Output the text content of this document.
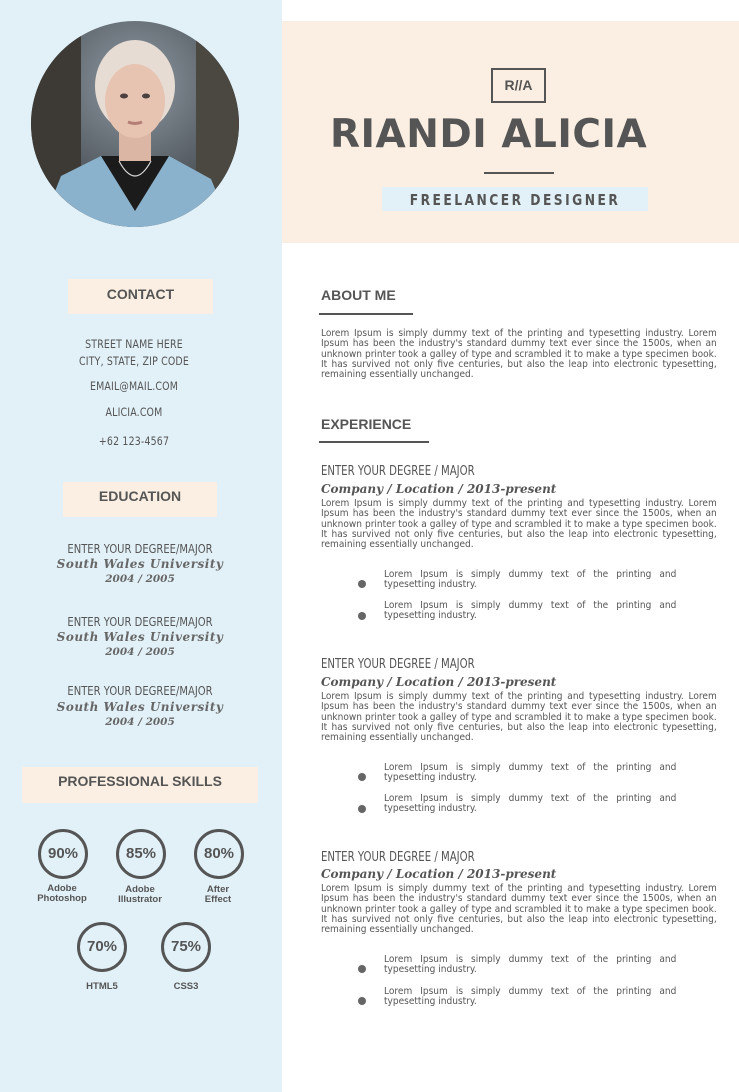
CONTACT
STREET NAME HERE
CITY, STATE, ZIP CODE
EMAIL@MAIL.COM
ALICIA.COM
+62 123-4567
EDUCATION
ENTER YOUR DEGREE/MAJOR
South Wales University
2004 / 2005
ENTER YOUR DEGREE/MAJOR
South Wales University
2004 / 2005
ENTER YOUR DEGREE/MAJOR
South Wales University
2004 / 2005
PROFESSIONAL SKILLS
90%
Adobe
Photoshop
85%
Adobe
Illustrator
80%
After
Effect
70%
HTML5
75%
CSS3
R//A
RIANDI ALICIA
FREELANCER DESIGNER
ABOUT ME
Lorem Ipsum is simply dummy text of the printing and typesetting industry. Lorem Ipsum has been the industry's standard dummy text ever since the 1500s, when an unknown printer took a galley of type and scrambled it to make a type specimen book. It has survived not only five centuries, but also the leap into electronic typesetting, remaining essentially unchanged.
EXPERIENCE
ENTER YOUR DEGREE / MAJOR
Company / Location / 2013-present
Lorem Ipsum is simply dummy text of the printing and typesetting industry. Lorem Ipsum has been the industry's standard dummy text ever since the 1500s, when an unknown printer took a galley of type and scrambled it to make a type specimen book. It has survived not only five centuries, but also the leap into electronic typesetting, remaining essentially unchanged.
Lorem Ipsum is simply dummy text of the printing and typesetting industry.
Lorem Ipsum is simply dummy text of the printing and typesetting industry.
ENTER YOUR DEGREE / MAJOR
Company / Location / 2013-present
Lorem Ipsum is simply dummy text of the printing and typesetting industry. Lorem Ipsum has been the industry's standard dummy text ever since the 1500s, when an unknown printer took a galley of type and scrambled it to make a type specimen book. It has survived not only five centuries, but also the leap into electronic typesetting, remaining essentially unchanged.
Lorem Ipsum is simply dummy text of the printing and typesetting industry.
Lorem Ipsum is simply dummy text of the printing and typesetting industry.
ENTER YOUR DEGREE / MAJOR
Company / Location / 2013-present
Lorem Ipsum is simply dummy text of the printing and typesetting industry. Lorem Ipsum has been the industry's standard dummy text ever since the 1500s, when an unknown printer took a galley of type and scrambled it to make a type specimen book. It has survived not only five centuries, but also the leap into electronic typesetting, remaining essentially unchanged.
Lorem Ipsum is simply dummy text of the printing and typesetting industry.
Lorem Ipsum is simply dummy text of the printing and typesetting industry.
